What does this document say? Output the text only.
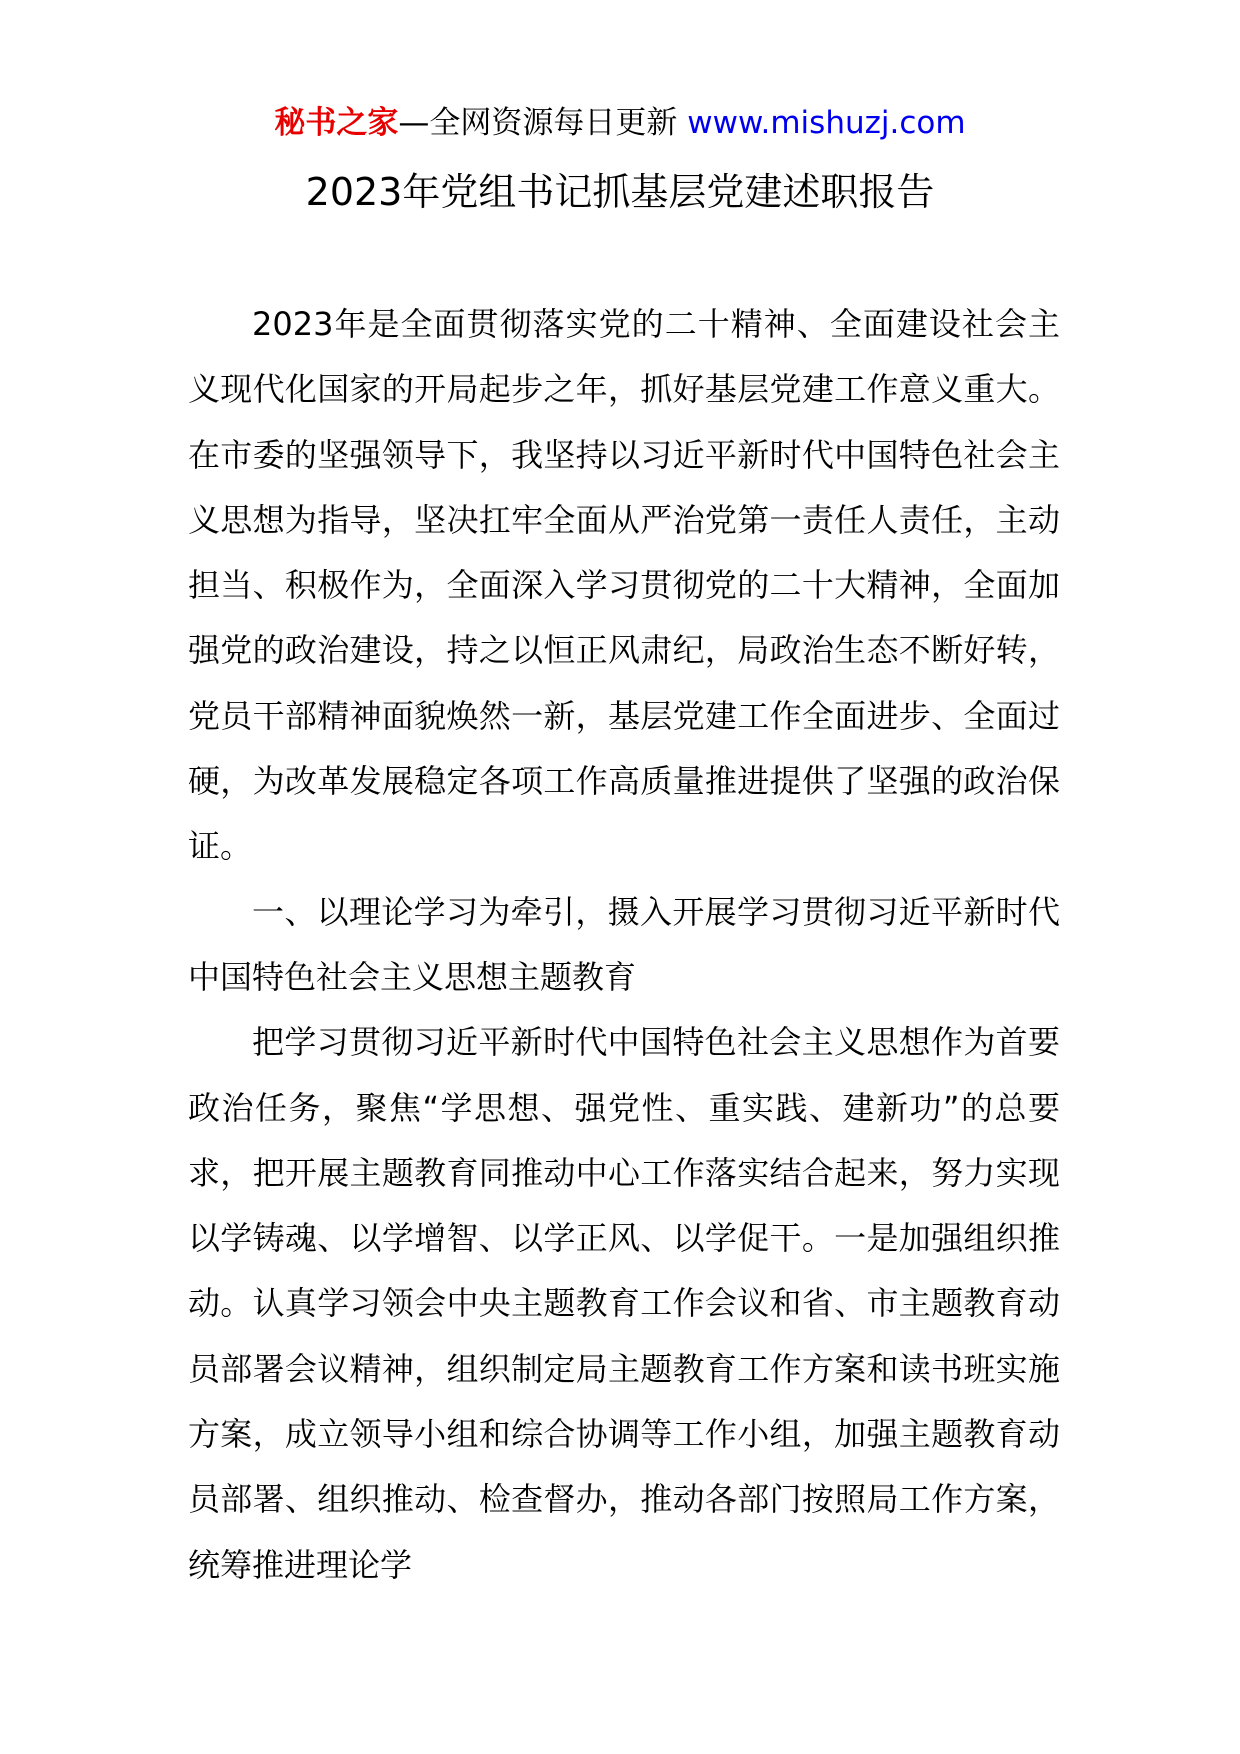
秘书之家—全网资源每日更新 www.mishuzj.com
2023年党组书记抓基层党建述职报告

2023年是全面贯彻落实党的二十精神、全面建设社会主义现代化国家的开局起步之年，抓好基层党建工作意义重大。在市委的坚强领导下，我坚持以习近平新时代中国特色社会主义思想为指导，坚决扛牢全面从严治党第一责任人责任，主动担当、积极作为，全面深入学习贯彻党的二十大精神，全面加强党的政治建设，持之以恒正风肃纪，局政治生态不断好转，党员干部精神面貌焕然一新，基层党建工作全面进步、全面过硬，为改革发展稳定各项工作高质量推进提供了坚强的政治保证。

一、以理论学习为牵引，摄入开展学习贯彻习近平新时代中国特色社会主义思想主题教育

把学习贯彻习近平新时代中国特色社会主义思想作为首要政治任务，聚焦“学思想、强党性、重实践、建新功”的总要求，把开展主题教育同推动中心工作落实结合起来，努力实现以学铸魂、以学增智、以学正风、以学促干。一是加强组织推动。认真学习领会中央主题教育工作会议和省、市主题教育动员部署会议精神，组织制定局主题教育工作方案和读书班实施方案，成立领导小组和综合协调等工作小组，加强主题教育动员部署、组织推动、检查督办，推动各部门按照局工作方案，统筹推进理论学
